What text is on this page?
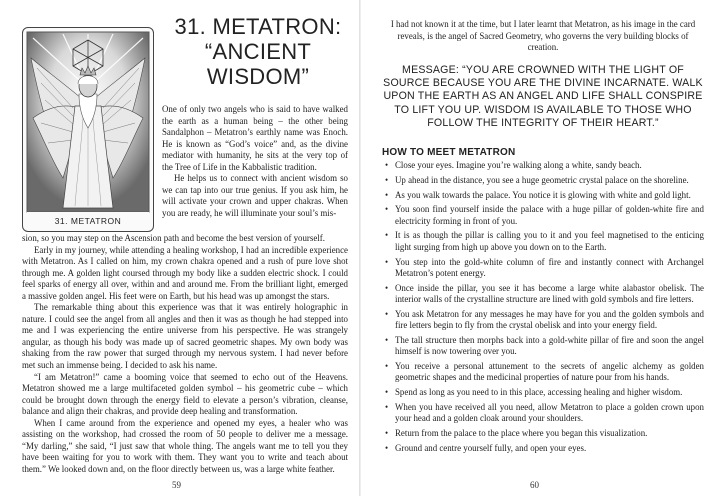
31. METATRON
31. METATRON:
“ANCIENT WISDOM”

One of only two angels who is said to have walked the earth as a human being – the other being Sandalphon – Metatron’s earthly name was Enoch. He is known as “God’s voice” and, as the divine mediator with humanity, he sits at the very top of the Tree of Life in the Kabbalistic tradition.

He helps us to connect with ancient wisdom so we can tap into our true genius. If you ask him, he will activate your crown and upper chakras. When you are ready, he will illuminate your soul’s mis-

sion, so you may step on the Ascension path and become the best version of yourself.

Early in my journey, while attending a healing workshop, I had an incredible experience with Metatron. As I called on him, my crown chakra opened and a rush of pure love shot through me. A golden light coursed through my body like a sudden electric shock. I could feel sparks of energy all over, within and and around me. From the brilliant light, emerged a massive golden angel. His feet were on Earth, but his head was up amongst the stars.

The remarkable thing about this experience was that it was entirely holographic in nature. I could see the angel from all angles and then it was as though he had stepped into me and I was experiencing the entire universe from his perspective. He was strangely angular, as though his body was made up of sacred geometric shapes. My own body was shaking from the raw power that surged through my nervous system. I had never before met such an immense being. I decided to ask his name.

“I am Metatron!” came a booming voice that seemed to echo out of the Heavens. Metatron showed me a large multifaceted golden symbol – his geometric cube – which could be brought down through the energy field to elevate a person’s vibration, cleanse, balance and align their chakras, and provide deep healing and transformation.

When I came around from the experience and opened my eyes, a healer who was assisting on the workshop, had crossed the room of 50 people to deliver me a message. “My darling,” she said, “I just saw that whole thing. The angels want me to tell you they have been waiting for you to work with them. They want you to write and teach about them.” We looked down and, on the floor directly between us, was a large white feather.

59

I had not known it at the time, but I later learnt that Metatron, as his image in the card reveals, is the angel of Sacred Geometry, who governs the very building blocks of creation.

MESSAGE: “YOU ARE CROWNED WITH THE LIGHT OF SOURCE BECAUSE YOU ARE THE DIVINE INCARNATE. WALK UPON THE EARTH AS AN ANGEL AND LIFE SHALL CONSPIRE TO LIFT YOU UP. WISDOM IS AVAILABLE TO THOSE WHO FOLLOW THE INTEGRITY OF THEIR HEART.”

HOW TO MEET METATRON
• Close your eyes. Imagine you’re walking along a white, sandy beach.
• Up ahead in the distance, you see a huge geometric crystal palace on the shoreline.
• As you walk towards the palace. You notice it is glowing with white and gold light.
• You soon find yourself inside the palace with a huge pillar of golden-white fire and electricity forming in front of you.
• It is as though the pillar is calling you to it and you feel magnetised to the enticing light surging from high up above you down on to the Earth.
• You step into the gold-white column of fire and instantly connect with Archangel Metatron’s potent energy.
• Once inside the pillar, you see it has become a large white alabastor obelisk. The interior walls of the crystalline structure are lined with gold symbols and fire letters.
• You ask Metatron for any messages he may have for you and the golden symbols and fire letters begin to fly from the crystal obelisk and into your energy field.
• The tall structure then morphs back into a gold-white pillar of fire and soon the angel himself is now towering over you.
• You receive a personal attunement to the secrets of angelic alchemy as golden geometric shapes and the medicinal properties of nature pour from his hands.
• Spend as long as you need to in this place, accessing healing and higher wisdom.
• When you have received all you need, allow Metatron to place a golden crown upon your head and a golden cloak around your shoulders.
• Return from the palace to the place where you began this visualization.
• Ground and centre yourself fully, and open your eyes.
60
